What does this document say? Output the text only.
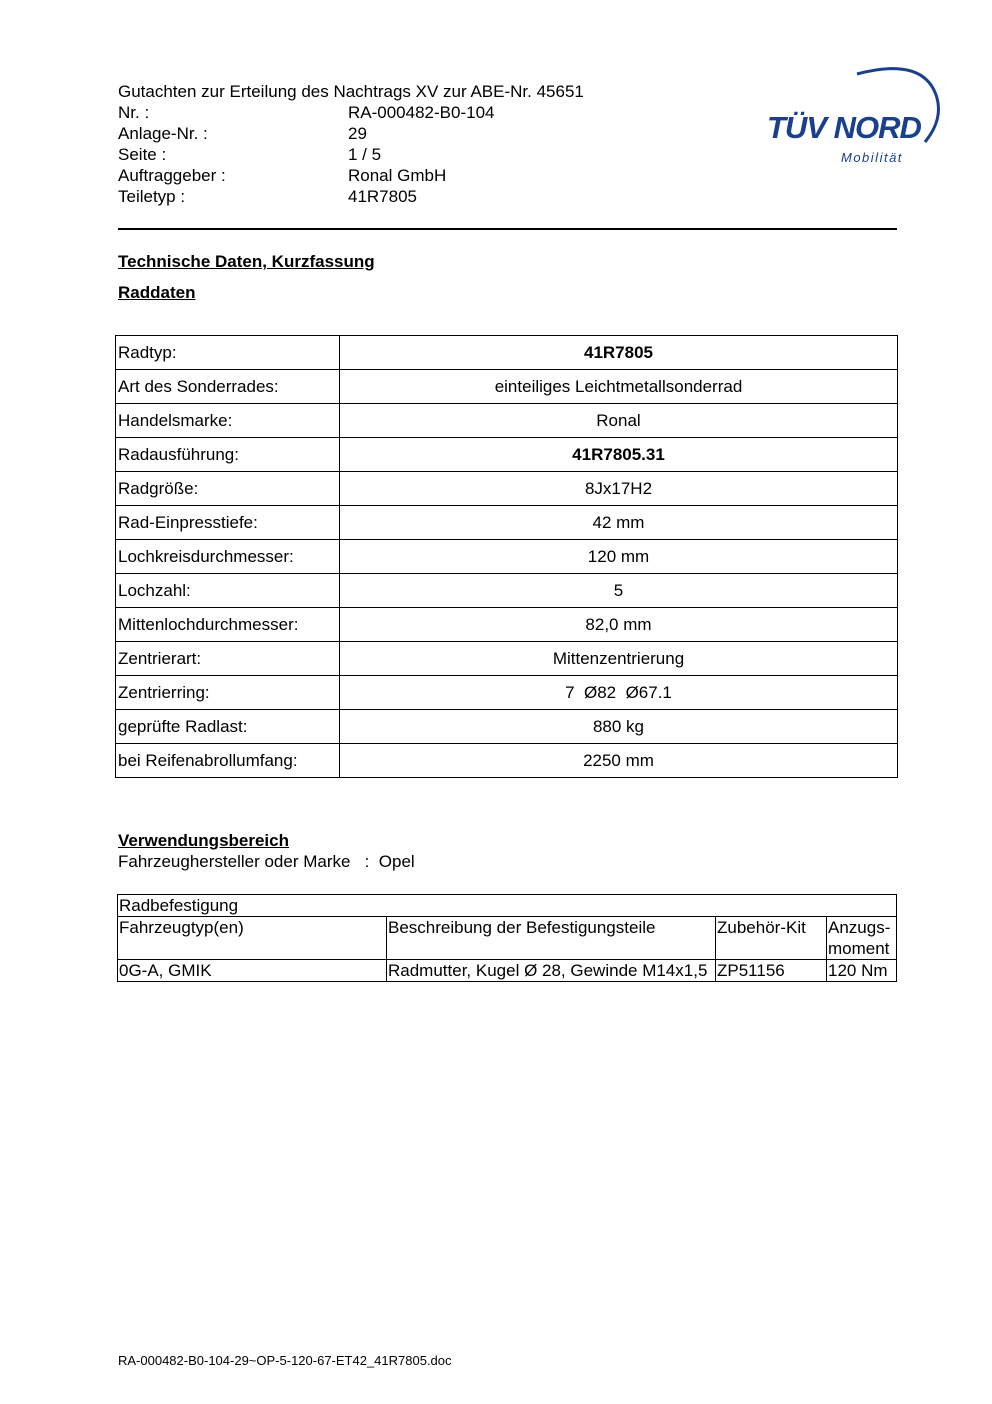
Gutachten zur Erteilung des Nachtrags XV zur ABE-Nr. 45651
Nr. :	RA-000482-B0-104
Anlage-Nr. :	29
Seite :	1 / 5
Auftraggeber :	Ronal GmbH
Teiletyp :	41R7805
TÜV NORD
Mobilität
Technische Daten, Kurzfassung
Raddaten
Radtyp:	41R7805
Art des Sonderrades:	einteiliges Leichtmetallsonderrad
Handelsmarke:	Ronal
Radausführung:	41R7805.31
Radgröße:	8Jx17H2
Rad-Einpresstiefe:	42 mm
Lochkreisdurchmesser:	120 mm
Lochzahl:	5
Mittenlochdurchmesser:	82,0 mm
Zentrierart:	Mittenzentrierung
Zentrierring:	7  Ø82  Ø67.1
geprüfte Radlast:	880 kg
bei Reifenabrollumfang:	2250 mm
Verwendungsbereich
Fahrzeughersteller oder Marke   :  Opel
Radbefestigung			
Fahrzeugtyp(en)	Beschreibung der Befestigungsteile	Zubehör-Kit	Anzugs-
moment
0G-A, GMIK	Radmutter, Kugel Ø 28, Gewinde M14x1,5	ZP51156	120 Nm
RA-000482-B0-104-29~OP-5-120-67-ET42_41R7805.doc
